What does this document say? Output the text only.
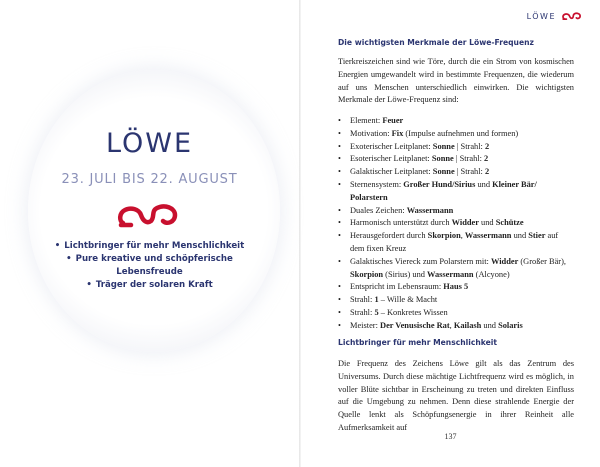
LÖWE
23. JULI BIS 22. AUGUST
• Lichtbringer für mehr Menschlichkeit
• Pure kreative und schöpferische Lebensfreude
• Träger der solaren Kraft
LÖWE
Die wichtigsten Merkmale der Löwe-Frequenz

Tierkreiszeichen sind wie Töre, durch die ein Strom von kosmischen Energien umgewandelt wird in bestimmte Frequenzen, die wiederum auf uns Menschen unterschiedlich einwirken. Die wichtigsten Merkmale der Löwe-Frequenz sind:

• Element: Feuer
• Motivation: Fix (Impulse aufnehmen und formen)
• Exoterischer Leitplanet: Sonne | Strahl: 2
• Esoterischer Leitplanet: Sonne | Strahl: 2
• Galaktischer Leitplanet: Sonne | Strahl: 2
• Sternensystem: Großer Hund/Sirius und Kleiner Bär/ Polarstern
• Duales Zeichen: Wassermann
• Harmonisch unterstützt durch Widder und Schütze
• Herausgefordert durch Skorpion, Wassermann und Stier auf dem fixen Kreuz
• Galaktisches Viereck zum Polarstern mit: Widder (Großer Bär), Skorpion (Sirius) und Wassermann (Alcyone)
• Entspricht im Lebensraum: Haus 5
• Strahl: 1 – Wille & Macht
• Strahl: 5 – Konkretes Wissen
• Meister: Der Venusische Rat, Kailash und Solaris
Lichtbringer für mehr Menschlichkeit

Die Frequenz des Zeichens Löwe gilt als das Zentrum des Universums. Durch diese mächtige Lichtfrequenz wird es möglich, in voller Blüte sichtbar in Erscheinung zu treten und direkten Einfluss auf die Umgebung zu nehmen. Denn diese strahlende Energie der Quelle lenkt als Schöpfungsenergie in ihrer Reinheit alle Aufmerksamkeit auf

137
